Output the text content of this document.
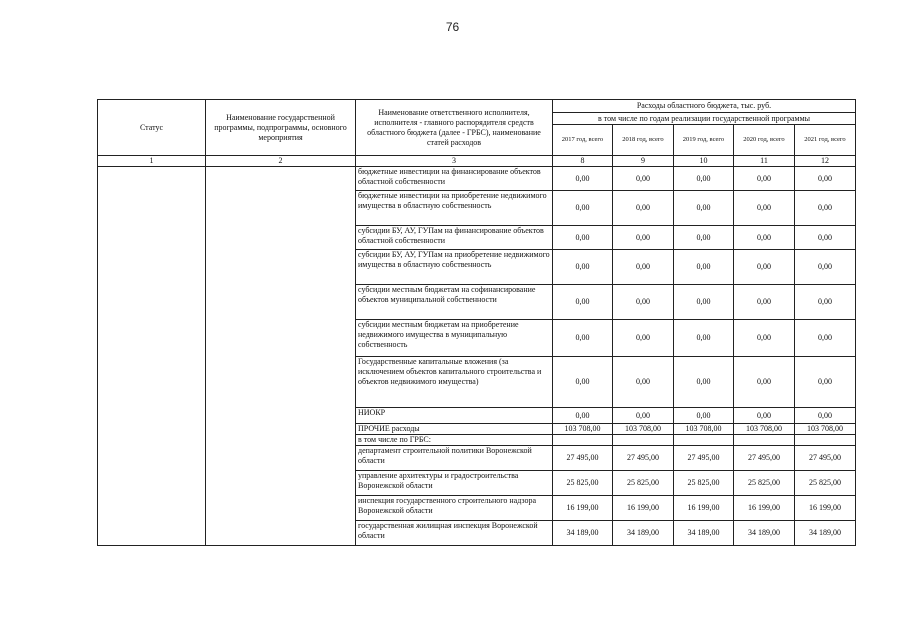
76
Статус	Наименование государственной программы, подпрограммы, основного мероприятия	Наименование ответственного исполнителя, исполнителя - главного распорядителя средств областного бюджета (далее - ГРБС), наименование статей расходов	Расходы областного бюджета, тыс. руб.				
			в том числе по годам реализации государственной программы				
			2017 год, всего	2018 год, всего	2019 год, всего	2020 год, всего	2021 год, всего
1	2	3	8	9	10	11	12
		бюджетные инвестиции на финансирование объектов областной собственности	0,00	0,00	0,00	0,00	0,00
		бюджетные инвестиции на приобретение недвижимого имущества в областную собственность	0,00	0,00	0,00	0,00	0,00
		субсидии БУ, АУ, ГУПам на финансирование объектов областной собственности	0,00	0,00	0,00	0,00	0,00
		субсидии БУ, АУ, ГУПам на приобретение недвижимого имущества в областную собственность	0,00	0,00	0,00	0,00	0,00
		субсидии местным бюджетам на софинансирование объектов муниципальной собственности	0,00	0,00	0,00	0,00	0,00
		субсидии местным бюджетам на приобретение недвижимого имущества в муниципальную собственность	0,00	0,00	0,00	0,00	0,00
		Государственные капитальные вложения (за исключением объектов капитального строительства и объектов недвижимого имущества)	0,00	0,00	0,00	0,00	0,00
		НИОКР	0,00	0,00	0,00	0,00	0,00
		ПРОЧИЕ расходы	103 708,00	103 708,00	103 708,00	103 708,00	103 708,00
		в том числе по ГРБС:					
		департамент строительной политики Воронежской области	27 495,00	27 495,00	27 495,00	27 495,00	27 495,00
		управление архитектуры и градостроительства Воронежской области	25 825,00	25 825,00	25 825,00	25 825,00	25 825,00
		инспекция государственного строительного надзора Воронежской области	16 199,00	16 199,00	16 199,00	16 199,00	16 199,00
		государственная жилищная инспекция Воронежской области	34 189,00	34 189,00	34 189,00	34 189,00	34 189,00
